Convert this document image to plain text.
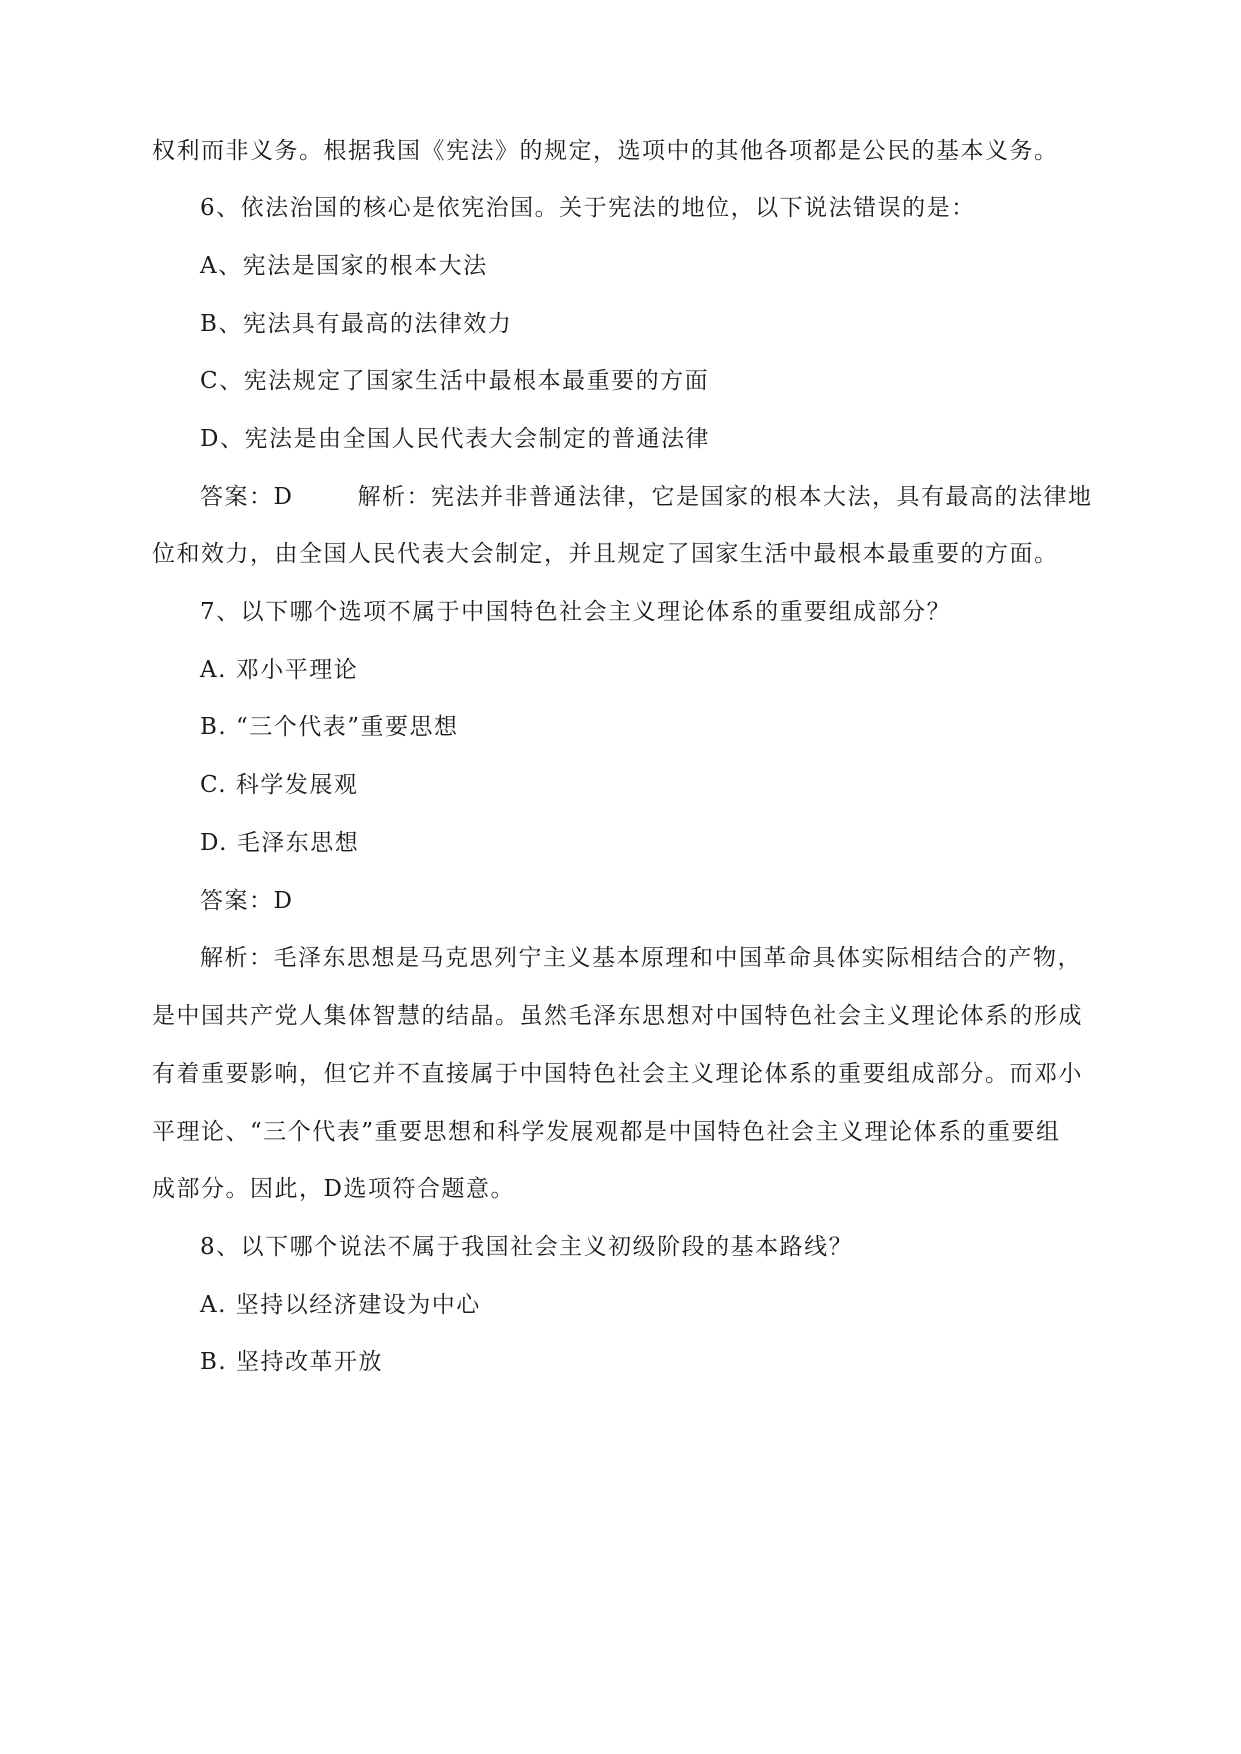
权利而非义务。根据我国《宪法》的规定，选项中的其他各项都是公民的基本义务。
6、依法治国的核心是依宪治国。关于宪法的地位，以下说法错误的是：
A、宪法是国家的根本大法
B、宪法具有最高的法律效力
C、宪法规定了国家生活中最根本最重要的方面
D、宪法是由全国人民代表大会制定的普通法律
答案：D	解析：宪法并非普通法律，它是国家的根本大法，具有最高的法律地
位和效力，由全国人民代表大会制定，并且规定了国家生活中最根本最重要的方面。
7、以下哪个选项不属于中国特色社会主义理论体系的重要组成部分？
A. 邓小平理论
B. “三个代表”重要思想
C. 科学发展观
D. 毛泽东思想
答案：D
解析：毛泽东思想是马克思列宁主义基本原理和中国革命具体实际相结合的产物，
是中国共产党人集体智慧的结晶。虽然毛泽东思想对中国特色社会主义理论体系的形成
有着重要影响，但它并不直接属于中国特色社会主义理论体系的重要组成部分。而邓小
平理论、“三个代表”重要思想和科学发展观都是中国特色社会主义理论体系的重要组
成部分。因此，D选项符合题意。
8、以下哪个说法不属于我国社会主义初级阶段的基本路线？
A. 坚持以经济建设为中心
B. 坚持改革开放
